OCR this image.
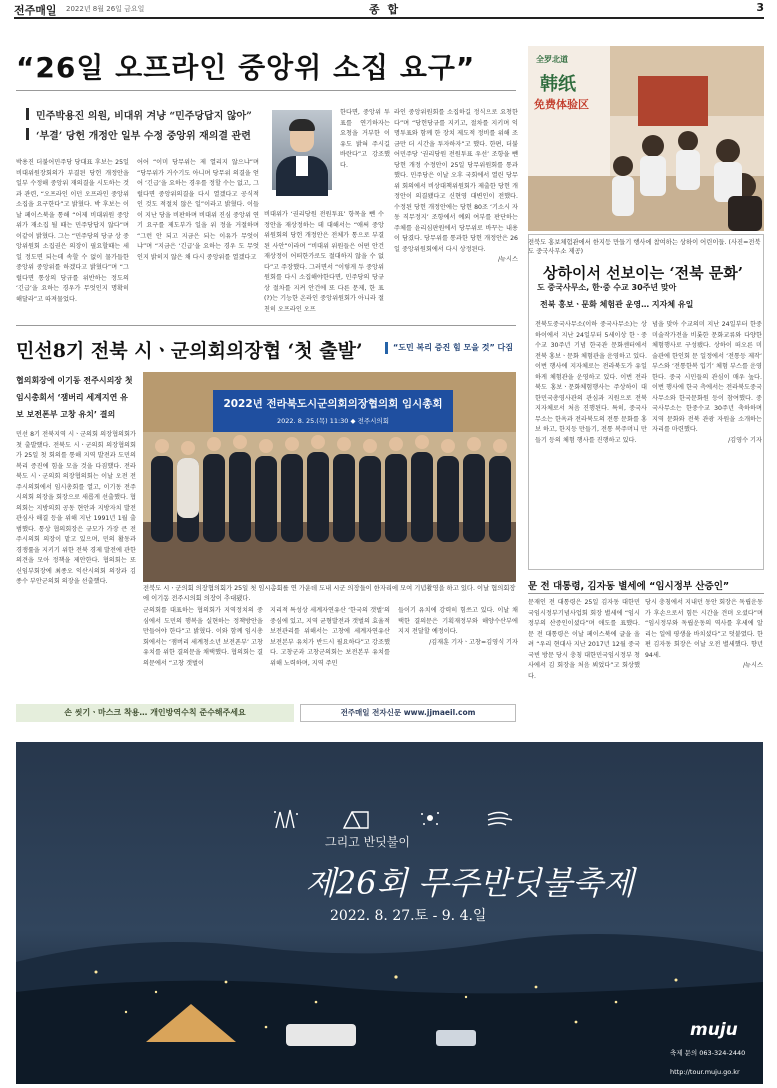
전주매일 2022년 8월 26일 금요일	종 합	3
“26일 오프라인 중앙위 소집 요구”
민주박용진 의원, 비대위 겨냥 “민주당답지 않아”
‘부결’ 당헌 개정안 일부 수정 중앙위 재의결 관련
박용진 더불어민주당 당대표 후보는 25일 비대위원장회의가 부결된 당헌 개정안을 일부 수정해 중앙위 재의결을 시도하는 것과 관련, “오프라인 이던 오프라인 중앙위 소집을 요구한다”고 밝혔다. 박 후보는 이날 페이스북을 통해 “어제 비대위원 중앙위가 재소집 될 때는 민주당답지 않다”며 이같이 밝혔다. 그는 “민주당의 당규 상 중앙위원회 소집권은 의장이 필요할때는 세일 정도면 되는데 속할 수 없이 물가들한 중앙위 중앙위를 하겠다고 밝혔다”며 “그럴다면 통상의 당규를 위반하는 정도의 ‘긴급’을 요하는 경우가 무엇인지 명확히 해달라”고 따져물었다.
어어 “이미 당무위는 제 열리지 않으냐”며 “당무위가 거수기도 아니며 당무위 의결을 얻어 ‘긴급’을 요하는 경우를 정할 수는 없고, 그럴다면 중앙위의결을 다시 열겠다고 공식적 인 것도 적절치 않은 일”이라고 밝혔다. 이들이 지난 당을 비판하며 비대위 진심 중앙위 연기 요구를 제도부가 일을 위 정을 거절하며 “그런 안 되고 지금은 되는 이유가 무엇이냐”며 “지금은 ‘긴급’을 요하는 경우 도 무엇인지 밝히지 않은 채 다시 중앙위를 열겠다고
한다면, 중앙위 투표를 연기하자는 요청을 거부한 이유도 밝혀 주시길 바란다”고 강조했다.
비대위가 ‘권리당원 전원투표’ 항목을 뺀 수정안을 재상정하는 데 대해서는 “애써 중앙위원회의 당헌 개정안은 전체가 통으로 부결된 사안”이라며 “비대위 위원들은 어떤 안건 재상정이 어떠한가로도 절대하지 않을 수 없다”고 주장했다. 그러면서 “이렇게 두 중앙위원회를 다시 소집해야한다면, 민주당의 당규 상 절차를 지켜 안건에 또 다른 문제, 한 표(?)는 기능한 온라인 중앙위원회가 아니라 절친히 오프라인 오프
라인 중앙위원회를 소집하길 정식으로 요청한다”며 “당헌당규를 지키고, 절차를 지키며 익명투표와 함께 한 장치 제도적 정비를 위해 조금만 더 시간을 투자하자”고 했다. 한편, 더불어민주당 ‘권리당원 전원투표 우선’ 조항을 뺀 당헌 개정 수정안이 25일 당무위원회를 통과했다. 민주당은 이날 오후 국회에서 열린 당무위 회의에서 비상대책위원회가 제출한 당헌 개정안이 의결됐다고 신현영 대변인이 전했다. 수정된 당헌 개정안에는 당헌 80조 ‘기소시 자동 직무정지’ 조항에서 예외 여부를 판단하는 주체를 윤리심판원에서 당무위로 바꾸는 내용이 담겼다. 당무위를 통과한 당헌 개정안은 26일 중앙위원회에서 다시 상정된다.
/뉴시스
민선8기 전북 시ㆍ군의회의장협 ‘첫 출발’	“도민 복리 증진 힘 모을 것” 다짐
협의회장에 이기동 전주시의장 첫 임시총회서 ‘잼버리 세계지연 유보 보전폰부 고창 유치’ 결의
민선 8기 전북지역 시ㆍ군의회 의장협의회가 첫 출발했다. 전북도 시ㆍ군의회 의장협의회가 25일 첫 회의를 통해 지역 발전과 도민의 복리 증진에 힘을 모을 것을 다짐했다. 전라북도 시ㆍ군의회 의장협의회는 이날 오전 전주시의회에서 임시총회를 열고, 이기동 전주시의회 의장을 회장으로 새롭게 선출했다. 협의회는 지방의회 공동 현안과 지방자치 발전 관심사 해결 등을 위해 지난 1991년 1월 출범했다. 통상 협의회장은 규모가 가장 큰 전주시의회 의장이 맡고 있으며, 민의 활동과 경쟁률을 지키기 위한 전북 경제 발전에 관한 의견을 모아 정책을 제안한다. 협의회는 또 신임부회장에 최종오 익산시의회 의장과 김종수 부안군의회 의장을 선출했다.
2022년 전라북도시군의회의장협의회 임시총회
2022. 8. 25.(목) 11:30 ◆ 전주시의회
전북도 시ㆍ군의회 의장협의회가 25일 첫 임시총회를 연 가운데 도내 시군 의장들이 한자리에 모여 기념촬영을 하고 있다. 이날 협의회장에 이기동 전주시의회 의장이 추대됐다.
군의회를 대표하는 협의회가 지역정치의 중심에서 도민의 행복을 실현하는 정책방안을 만들어야 한다”고 밝혔다. 이와 함께 임시총회에서는 ‘잼버리 세계청소년 보전폰부’ 고창 유치를 위한 결의문을 채택했다. 협의회는 결의문에서 “고창 갯벌이
지리적 특성상 세계자연유산 ‘한국의 갯벌’의 중심에 있고, 지역 균형발전과 갯벌의 효율적 보전관리를 위해서는 고창에 세계자연유산 보전본부 유치가 반드시 필요하다”고 강조했다. 고창군과 고창군의회는 보전본부 유치를 위해 노력하며, 지역 주민
들이기 유치에 강력히 힘쓰고 있다. 이날 채택한 결의문은 기획재정부와 해양수산부에 지지 전달할 예정이다.
/김재훈 기자ㆍ고창=김영식 기자
全罗北道
韩纸
免费体验区
전북도 홍보체험관에서 한지등 만들기 행사에 참여하는 상하이 어린이들. (사진=전북도 중국사무소 제공)
상하이서 선보이는 ‘전북 문화’
도 중국사무소, 한·중 수교 30주년 맞아
전북 홍보ㆍ문화 체험관 운영… 지자체 유일
전북도중국사무소(이하 중국사무소)는 상하이에서 지난 24일부터 5세이상 한ㆍ중 수교 30주년 기념 한국관 문화센터에서 전북 홍보ㆍ문화 체험관을 운영하고 있다. 이번 행사에 지자체로는 전라북도가 유일하게 체험관을 운영하고 있다. 이번 전라북도 홍보ㆍ문화체험행사는 주상하이 대한민국총영사관의 관심과 지원으로 전북 지자체로서 처음 진행된다. 특히, 중국사무소는 한옥과 전라북도의 전통 문화를 홍보 하고, 한지등 만들기, 전통 복주머니 만들기 등의 체험 행사를 진행하고 있다.
념을 맞아 수교의미 지난 24일부터 한중 미술작가전을 비롯한 문화교류와 다양한 체험행사로 구성됐다. 상하이 떠오른 미술관에 한인회 문 일정에서 ‘전통등 제작’ 부스와 ‘전통한복 입기’ 체험 부스를 운영 한다. 중국 시민들의 관심이 매우 높다. 이번 행사에 한국 측에서는 전라북도중국사무소와 한국문화원 등이 참여했다. 중국사무소는 한중수교 30주년 축하하며 지역 문화와 전북 관광 자원을 소개하는 자리를 마련했다.
/김영수 기자
문 전 대통령, 김자동 별세에 “임시정부 산증인”
문재인 전 대통령은 25일 김자동 대한민국임시정부기념사업회 회장 별세에 “임시정부의 산증인이셨다”며 애도를 표했다. 문 전 대통령은 이날 페이스북에 글을 올려 “우리 현대사 지난 2017년 12월 중국 국빈 방문 당시 충칭 대한민국임시정부 청사에서 김 회장을 처음 뵈었다”고 회상했다.
당시 충칭에서 지내던 동안 회장은 독립운동가 후손으로서 힘든 시간을 견뎌 오셨다”며 “임시정부와 독립운동의 역사를 후세에 알리는 일에 평생을 바치셨다”고 덧붙였다. 한편 김자동 회장은 이날 오전 별세했다. 향년 94세.
/뉴시스
손 씻기ㆍ마스크 착용… 개인방역수칙 준수해주세요	전주매일 전자신문 www.jjmaeil.com
그리고 반딧불이
제26회 무주반딧불축제
2022. 8. 27.토 - 9. 4.일
muju
축제 문의 063-324-2440
http://tour.muju.go.kr
